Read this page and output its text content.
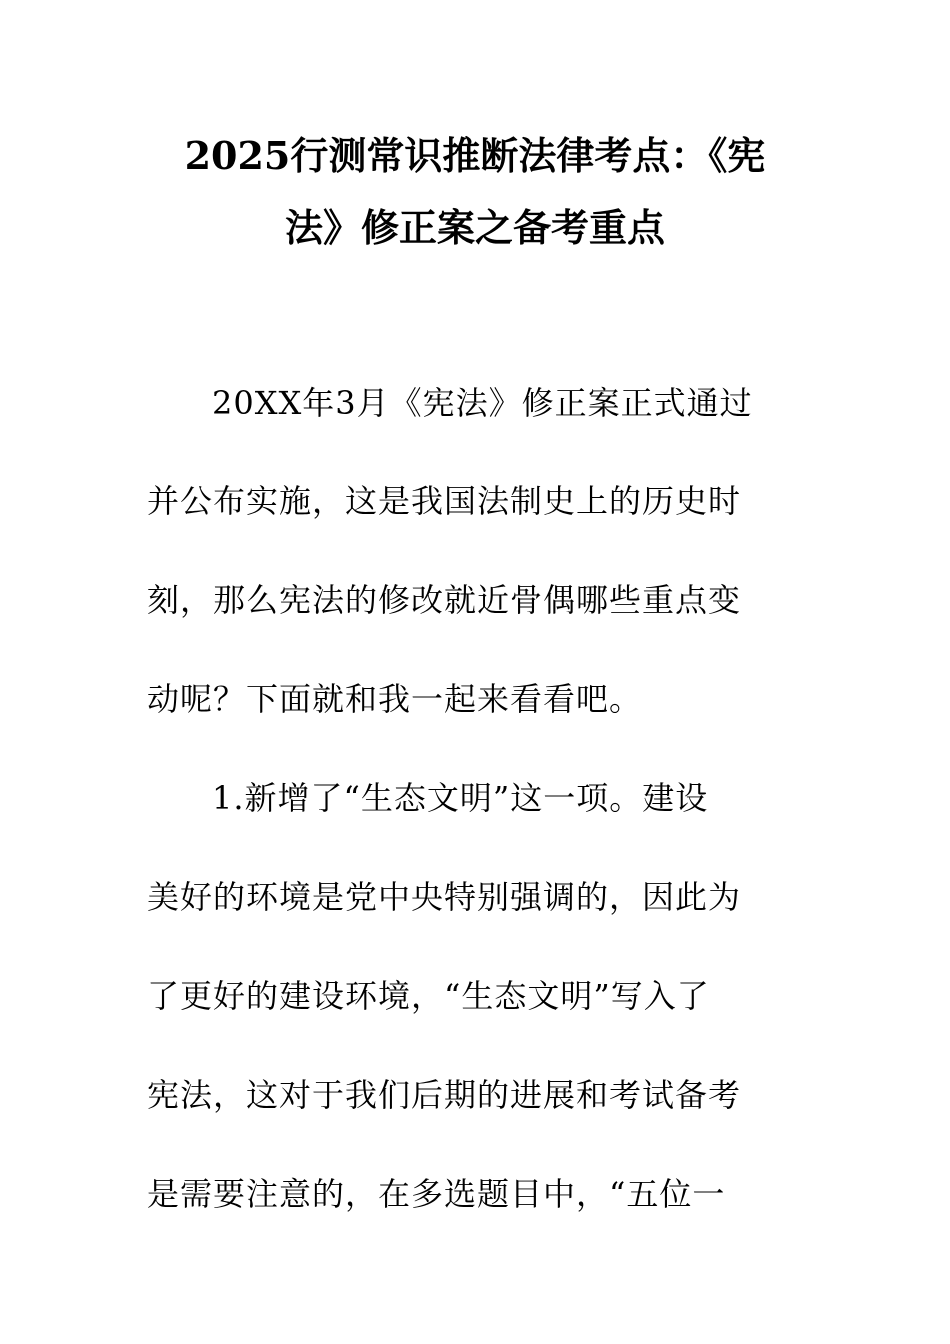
2025行测常识推断法律考点：《宪
法》修正案之备考重点
20XX年3月《宪法》修正案正式通过
并公布实施，这是我国法制史上的历史时
刻，那么宪法的修改就近骨偶哪些重点变
动呢？下面就和我一起来看看吧。
1.新增了“生态文明”这一项。建设
美好的环境是党中央特别强调的，因此为
了更好的建设环境，“生态文明”写入了
宪法，这对于我们后期的进展和考试备考
是需要注意的，在多选题目中，“五位一
